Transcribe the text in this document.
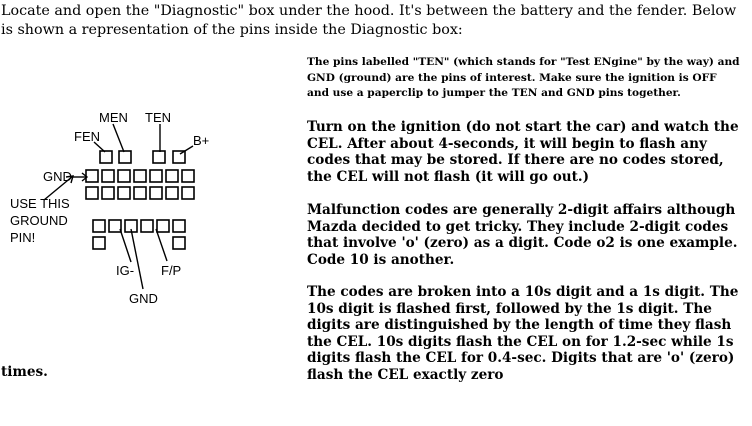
Locate and open the "Diagnostic" box under the hood. It's between the battery and the fender. Below is shown a representation of the pins inside the Diagnostic box:

MEN TEN
FEN	B+
GND
USE THIS
GROUND
PIN!
IG- F/P
GND

The pins labelled "TEN" (which stands for "Test ENgine" by the way) and GND (ground) are the pins of interest. Make sure the ignition is OFF and use a paperclip to jumper the TEN and GND pins together.

Turn on the ignition (do not start the car) and watch the CEL. After about 4-seconds, it will begin to flash any codes that may be stored. If there are no codes stored, the CEL will not flash (it will go out.)

Malfunction codes are generally 2-digit affairs although Mazda decided to get tricky. They include 2-digit codes that involve 'o' (zero) as a digit. Code o2 is one example. Code 10 is another.

The codes are broken into a 10s digit and a 1s digit. The 10s digit is flashed first, followed by the 1s digit. The digits are distinguished by the length of time they flash the CEL. 10s digits flash the CEL on for 1.2-sec while 1s digits flash the CEL for 0.4-sec. Digits that are 'o' (zero) flash the CEL exactly zero

times.
